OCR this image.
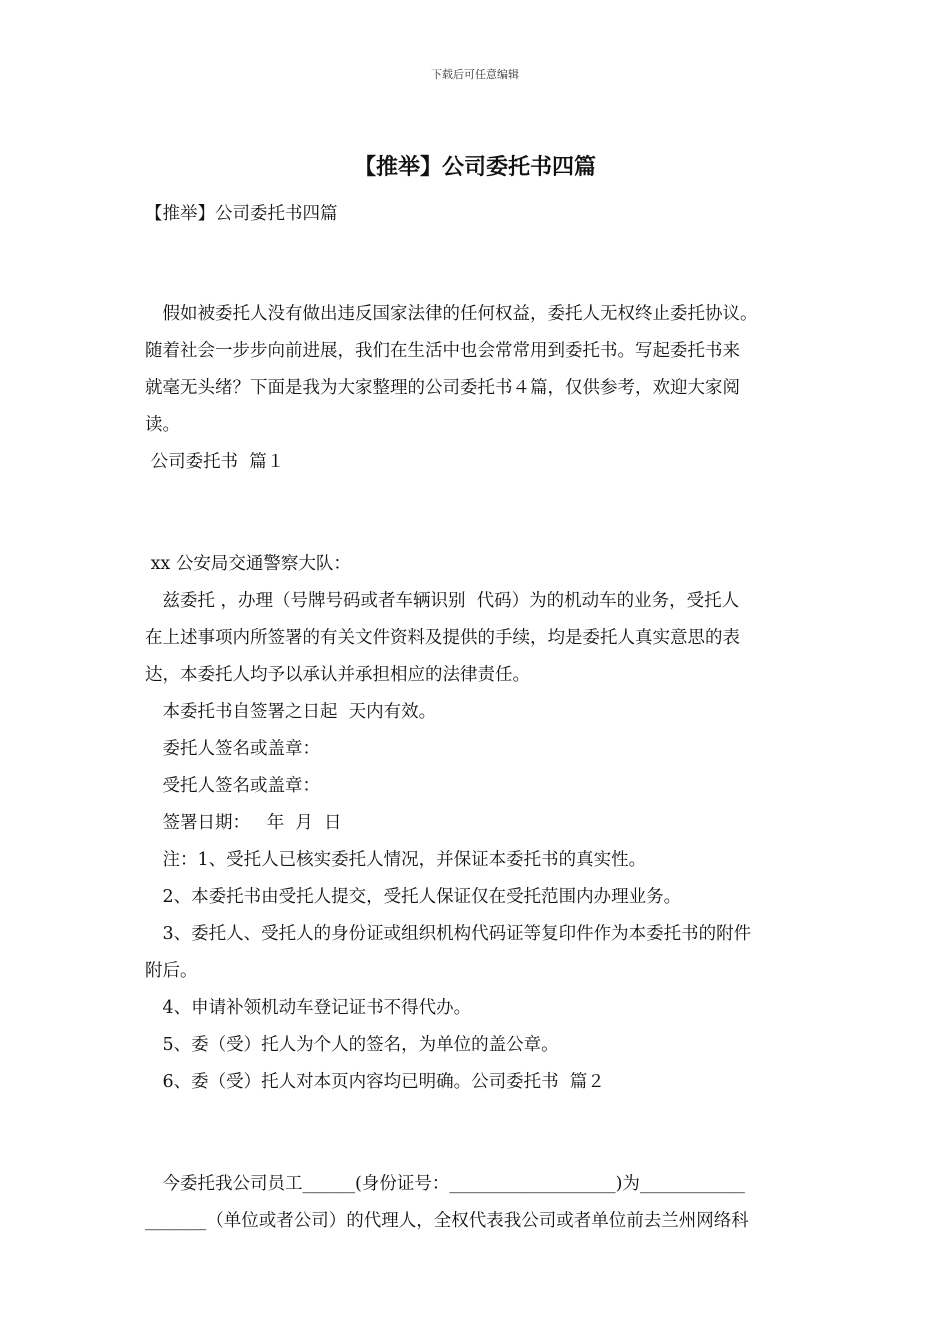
下载后可任意编辑
【推举】公司委托书四篇
【推举】公司委托书四篇
　假如被委托人没有做出违反国家法律的任何权益，委托人无权终止委托协议。
随着社会一步步向前进展，我们在生活中也会常常用到委托书。写起委托书来
就毫无头绪？下面是我为大家整理的公司委托书４篇，仅供参考，欢迎大家阅
读。
公司委托书  篇１
xx 公安局交通警察大队：
　兹委托 ，办理（号牌号码或者车辆识别  代码）为的机动车的业务，受托人
在上述事项内所签署的有关文件资料及提供的手续，均是委托人真实意思的表
达，本委托人均予以承认并承担相应的法律责任。
　本委托书自签署之日起  天内有效。
　委托人签名或盖章：
　受托人签名或盖章：
　签署日期：   年  月  日
　注：1、受托人已核实委托人情况，并保证本委托书的真实性。
　2、本委托书由受托人提交，受托人保证仅在受托范围内办理业务。
　3、委托人、受托人的身份证或组织机构代码证等复印件作为本委托书的附件
附后。
　4、申请补领机动车登记证书不得代办。
　5、委（受）托人为个人的签名，为单位的盖公章。
　6、委（受）托人对本页内容均已明确。公司委托书  篇２
　今委托我公司员工______(身份证号：___________________)为____________
_______（单位或者公司）的代理人，全权代表我公司或者单位前去兰州网络科
